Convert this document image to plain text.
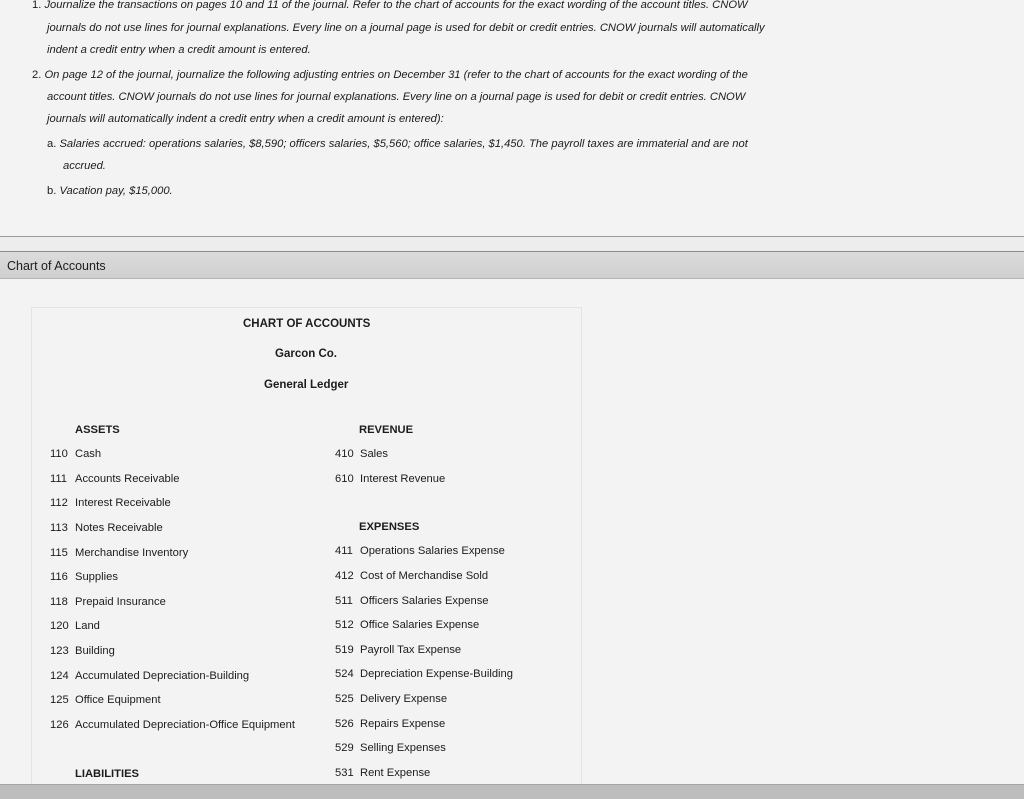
1. Journalize the transactions on pages 10 and 11 of the journal. Refer to the chart of accounts for the exact wording of the account titles. CNOW
journals do not use lines for journal explanations. Every line on a journal page is used for debit or credit entries. CNOW journals will automatically
indent a credit entry when a credit amount is entered.
2. On page 12 of the journal, journalize the following adjusting entries on December 31 (refer to the chart of accounts for the exact wording of the
account titles. CNOW journals do not use lines for journal explanations. Every line on a journal page is used for debit or credit entries. CNOW
journals will automatically indent a credit entry when a credit amount is entered):
a. Salaries accrued: operations salaries, $8,590; officers salaries, $5,560; office salaries, $1,450. The payroll taxes are immaterial and are not
accrued.
b. Vacation pay, $15,000.
Chart of Accounts
CHART OF ACCOUNTS
Garcon Co.
General Ledger
ASSETS
110 Cash
111 Accounts Receivable
112 Interest Receivable
113 Notes Receivable
115 Merchandise Inventory
116 Supplies
118 Prepaid Insurance
120 Land
123 Building
124 Accumulated Depreciation-Building
125 Office Equipment
126 Accumulated Depreciation-Office Equipment
LIABILITIES
REVENUE
410 Sales
610 Interest Revenue
EXPENSES
411 Operations Salaries Expense
412 Cost of Merchandise Sold
511 Officers Salaries Expense
512 Office Salaries Expense
519 Payroll Tax Expense
524 Depreciation Expense-Building
525 Delivery Expense
526 Repairs Expense
529 Selling Expenses
531 Rent Expense
